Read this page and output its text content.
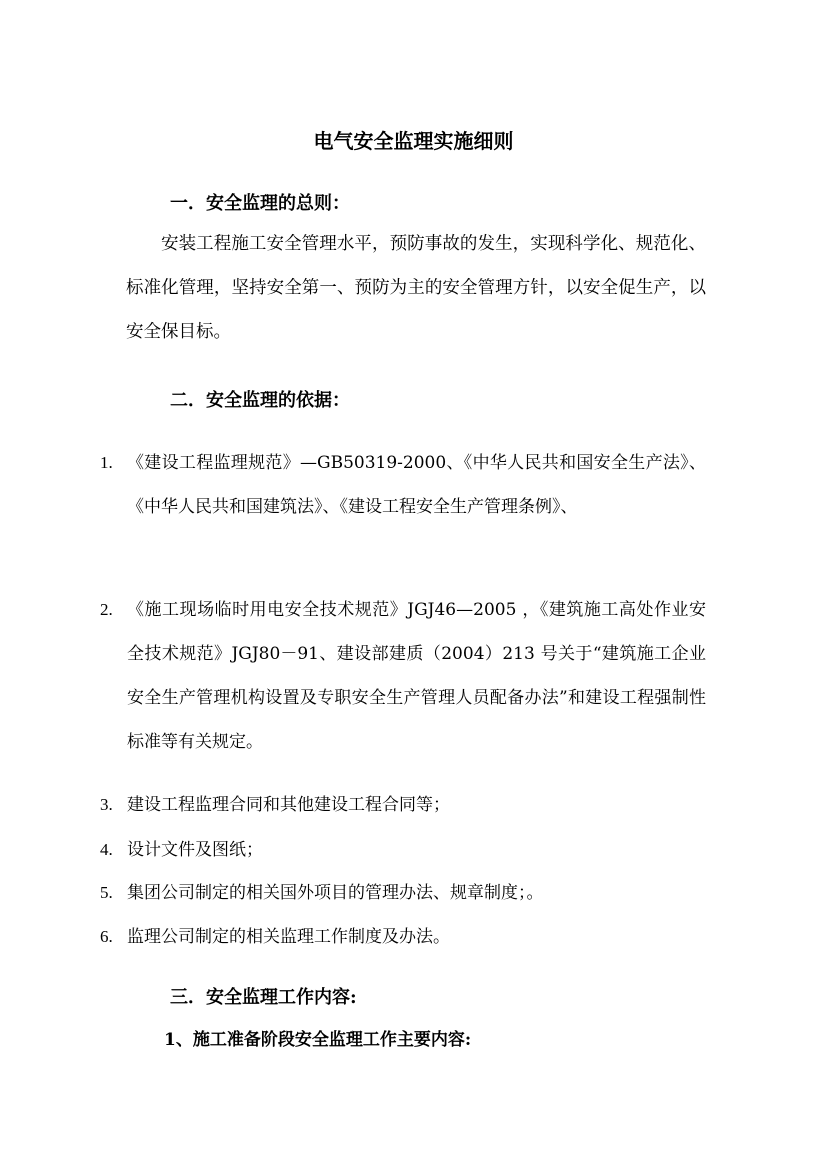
电气安全监理实施细则
一．安全监理的总则：
安装工程施工安全管理水平，预防事故的发生，实现科学化、规范化、标准化管理，坚持安全第一、预防为主的安全管理方针，以安全促生产，以安全保目标。
二．安全监理的依据：
1. 《建设工程监理规范》—GB50319-2000、《中华人民共和国安全生产法》、《中华人民共和国建筑法》、《建设工程安全生产管理条例》、
2. 《施工现场临时用电安全技术规范》JGJ46—2005 ，《建筑施工高处作业安全技术规范》JGJ80－91、建设部建质（2004）213 号关于“建筑施工企业安全生产管理机构设置及专职安全生产管理人员配备办法”和建设工程强制性标准等有关规定。
3. 建设工程监理合同和其他建设工程合同等；
4. 设计文件及图纸；
5. 集团公司制定的相关国外项目的管理办法、规章制度；。
6. 监理公司制定的相关监理工作制度及办法。
三．安全监理工作内容:
1、施工准备阶段安全监理工作主要内容:
